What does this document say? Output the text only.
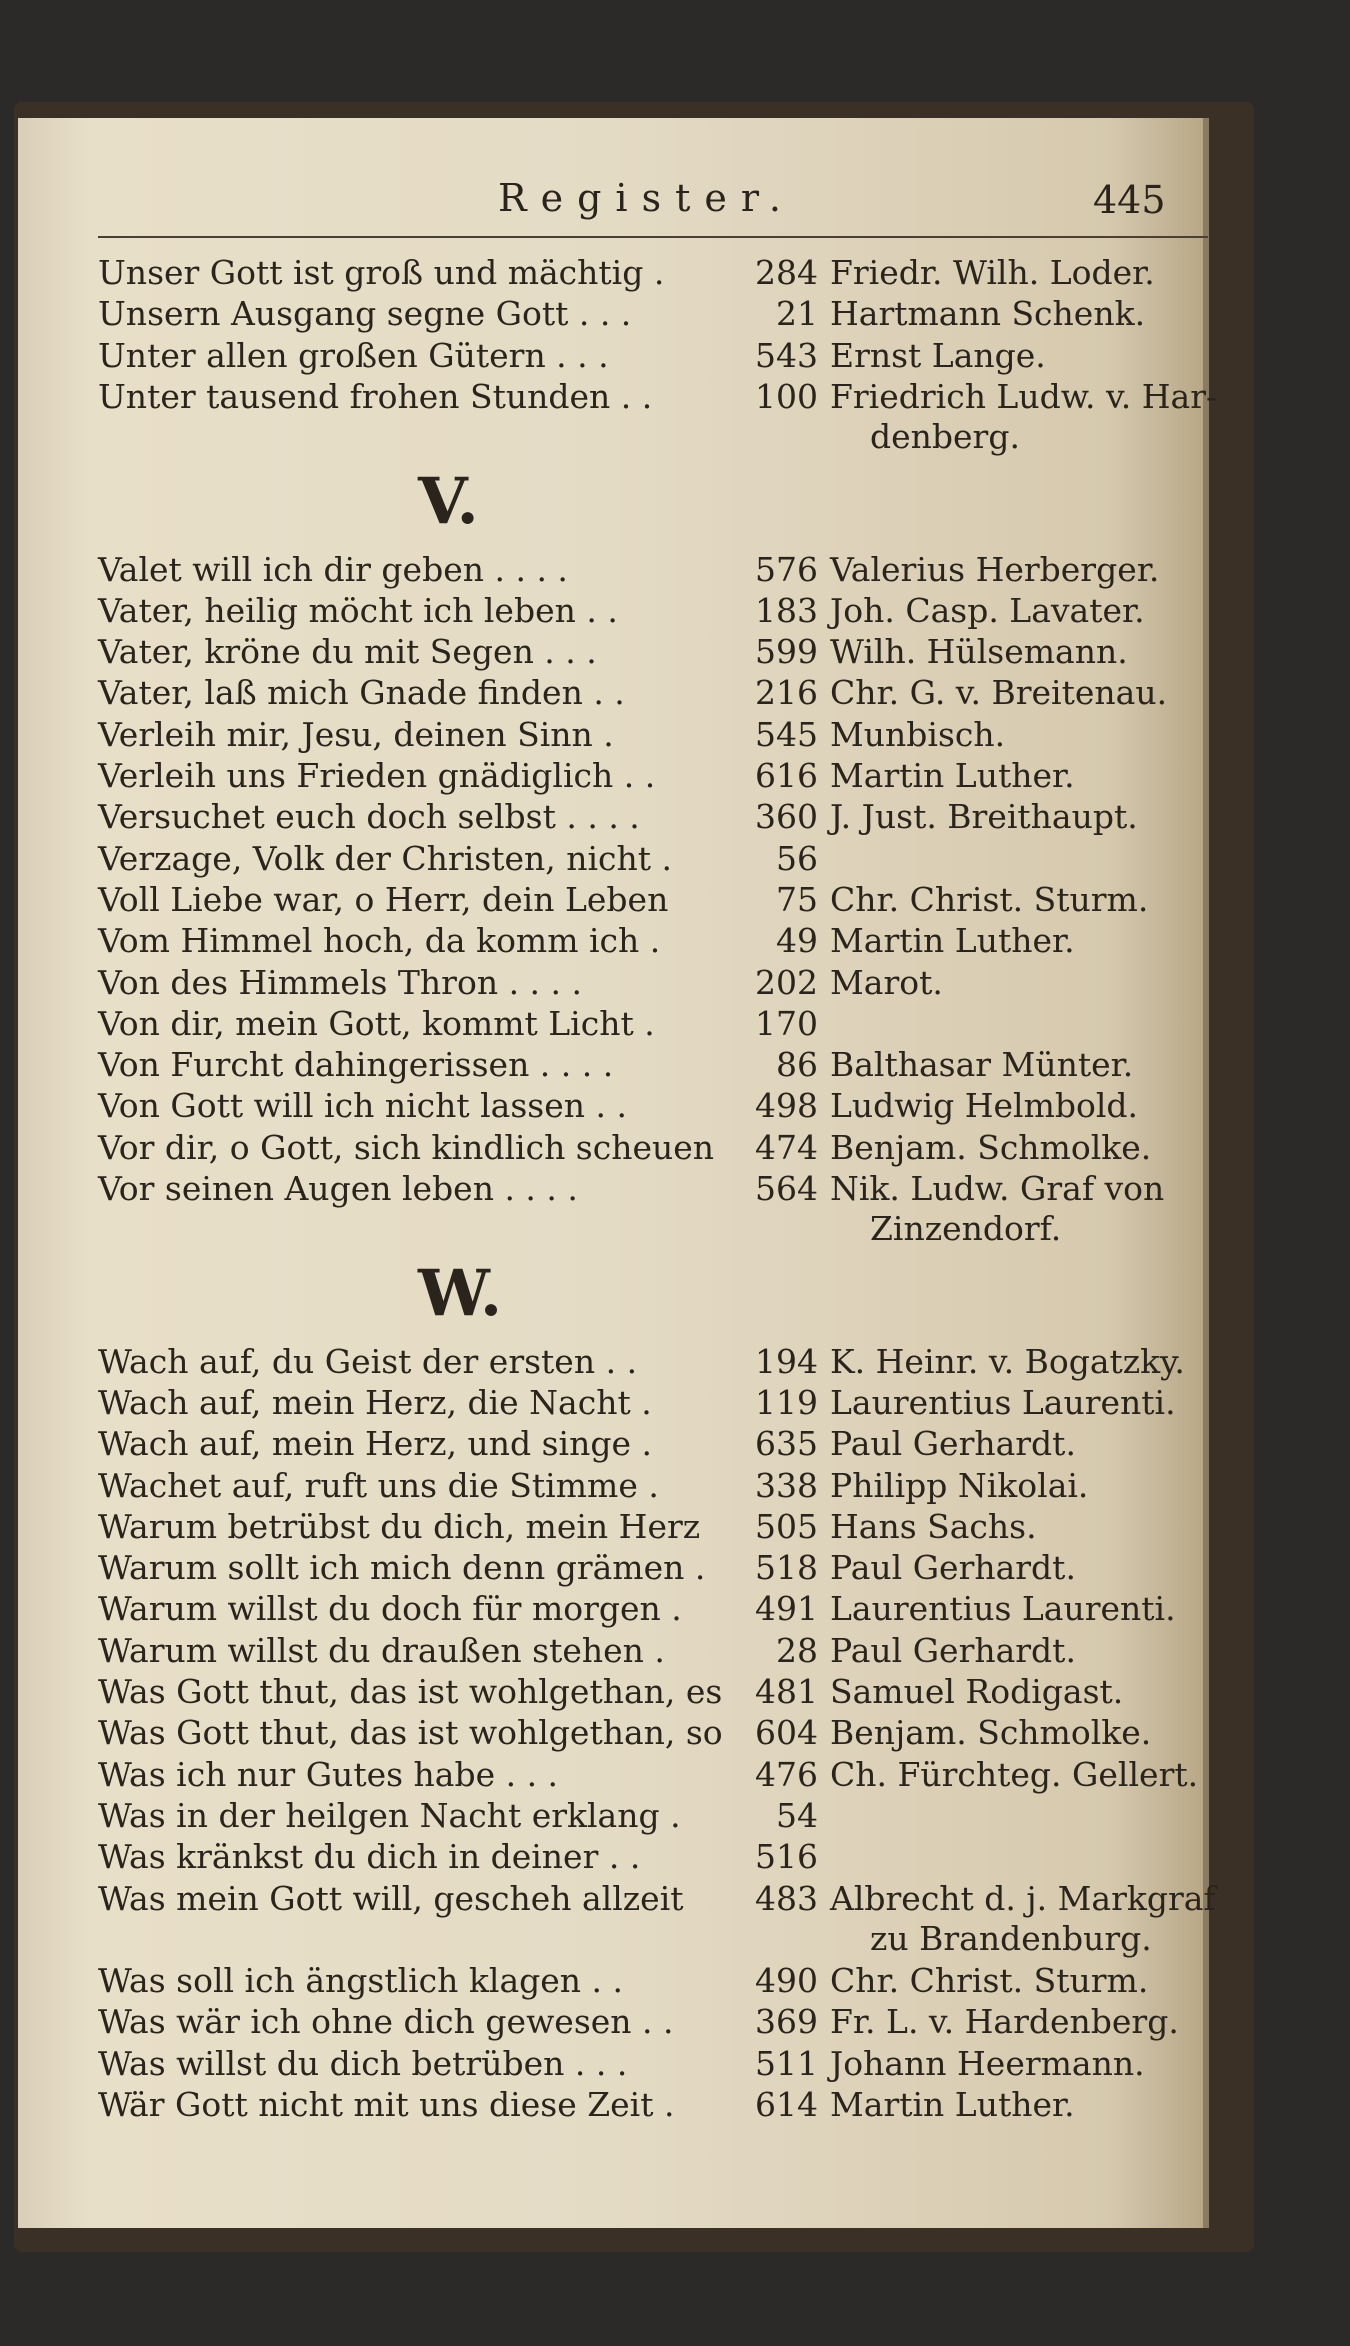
Register.	445
Unser Gott ist groß und mächtig .	284 Friedr. Wilh. Loder.
Unsern Ausgang segne Gott . . .	21 Hartmann Schenk.
Unter allen großen Gütern . . .	543 Ernst Lange.
Unter tausend frohen Stunden . .	100 Friedrich Ludw. v. Har-
denberg.
V.
Valet will ich dir geben . . . .	576 Valerius Herberger.
Vater, heilig möcht ich leben . .	183 Joh. Casp. Lavater.
Vater, kröne du mit Segen . . .	599 Wilh. Hülsemann.
Vater, laß mich Gnade finden . .	216 Chr. G. v. Breitenau.
Verleih mir, Jesu, deinen Sinn .	545 Munbisch.
Verleih uns Frieden gnädiglich . .	616 Martin Luther.
Versuchet euch doch selbst . . . .	360 J. Just. Breithaupt.
Verzage, Volk der Christen, nicht .	56
Voll Liebe war, o Herr, dein Leben	75 Chr. Christ. Sturm.
Vom Himmel hoch, da komm ich .	49 Martin Luther.
Von des Himmels Thron . . . .	202 Marot.
Von dir, mein Gott, kommt Licht .	170
Von Furcht dahingerissen . . . .	86 Balthasar Münter.
Von Gott will ich nicht lassen . .	498 Ludwig Helmbold.
Vor dir, o Gott, sich kindlich scheuen	474 Benjam. Schmolke.
Vor seinen Augen leben . . . .	564 Nik. Ludw. Graf von
Zinzendorf.
W.
Wach auf, du Geist der ersten . .	194 K. Heinr. v. Bogatzky.
Wach auf, mein Herz, die Nacht .	119 Laurentius Laurenti.
Wach auf, mein Herz, und singe .	635 Paul Gerhardt.
Wachet auf, ruft uns die Stimme .	338 Philipp Nikolai.
Warum betrübst du dich, mein Herz	505 Hans Sachs.
Warum sollt ich mich denn grämen .	518 Paul Gerhardt.
Warum willst du doch für morgen .	491 Laurentius Laurenti.
Warum willst du draußen stehen .	28 Paul Gerhardt.
Was Gott thut, das ist wohlgethan, es 481 Samuel Rodigast.
Was Gott thut, das ist wohlgethan, so 604 Benjam. Schmolke.
Was ich nur Gutes habe . . .	476 Ch. Fürchteg. Gellert.
Was in der heilgen Nacht erklang .	54
Was kränkst du dich in deiner . .	516
Was mein Gott will, gescheh allzeit	483 Albrecht d. j. Markgraf
zu Brandenburg.
Was soll ich ängstlich klagen . .	490 Chr. Christ. Sturm.
Was wär ich ohne dich gewesen . .	369 Fr. L. v. Hardenberg.
Was willst du dich betrüben . . .	511 Johann Heermann.
Wär Gott nicht mit uns diese Zeit .	614 Martin Luther.
